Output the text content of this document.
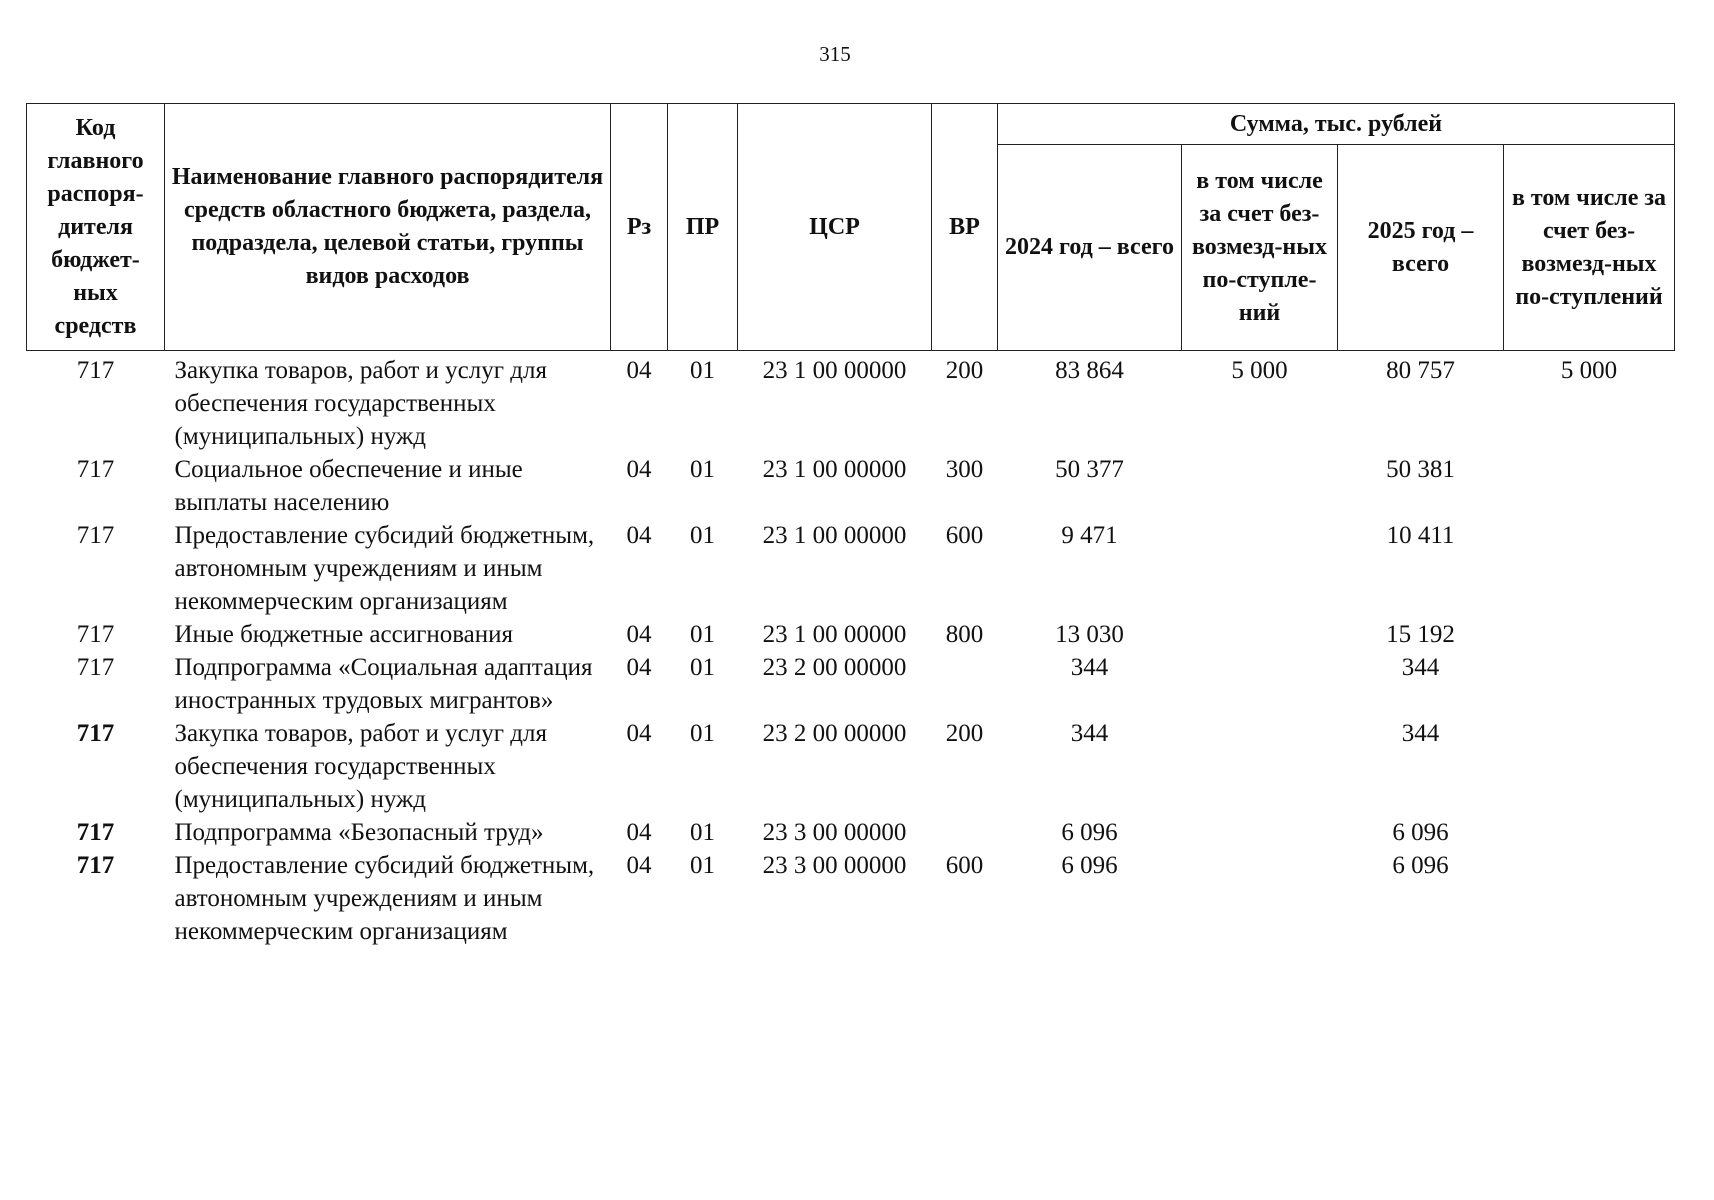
315
Код главного распоря-дителя бюджет-ных средств	Наименование главного распорядителя средств областного бюджета, раздела, подраздела, целевой статьи, группы видов расходов	Рз	ПР	ЦСР	ВР	Сумма, тыс. рублей			
						2024 год – всего	в том числе за счет без-возмезд-ных по-ступле-ний	2025 год – всего	в том числе за счет без-возмезд-ных по-ступлений
717	Закупка товаров, работ и услуг для обеспечения государственных (муниципальных) нужд	04	01	23 1 00 00000	200	83 864	5 000	80 757	5 000
717	Социальное обеспечение и иные выплаты населению	04	01	23 1 00 00000	300	50 377		50 381	
717	Предоставление субсидий бюджетным, автономным учреждениям и иным некоммерческим организациям	04	01	23 1 00 00000	600	9 471		10 411	
717	Иные бюджетные ассигнования	04	01	23 1 00 00000	800	13 030		15 192	
717	Подпрограмма «Социальная адаптация иностранных трудовых мигрантов»	04	01	23 2 00 00000		344		344	
717	Закупка товаров, работ и услуг для обеспечения государственных (муниципальных) нужд	04	01	23 2 00 00000	200	344		344	
717	Подпрограмма «Безопасный труд»	04	01	23 3 00 00000		6 096		6 096	
717	Предоставление субсидий бюджетным, автономным учреждениям и иным некоммерческим организациям	04	01	23 3 00 00000	600	6 096		6 096	
